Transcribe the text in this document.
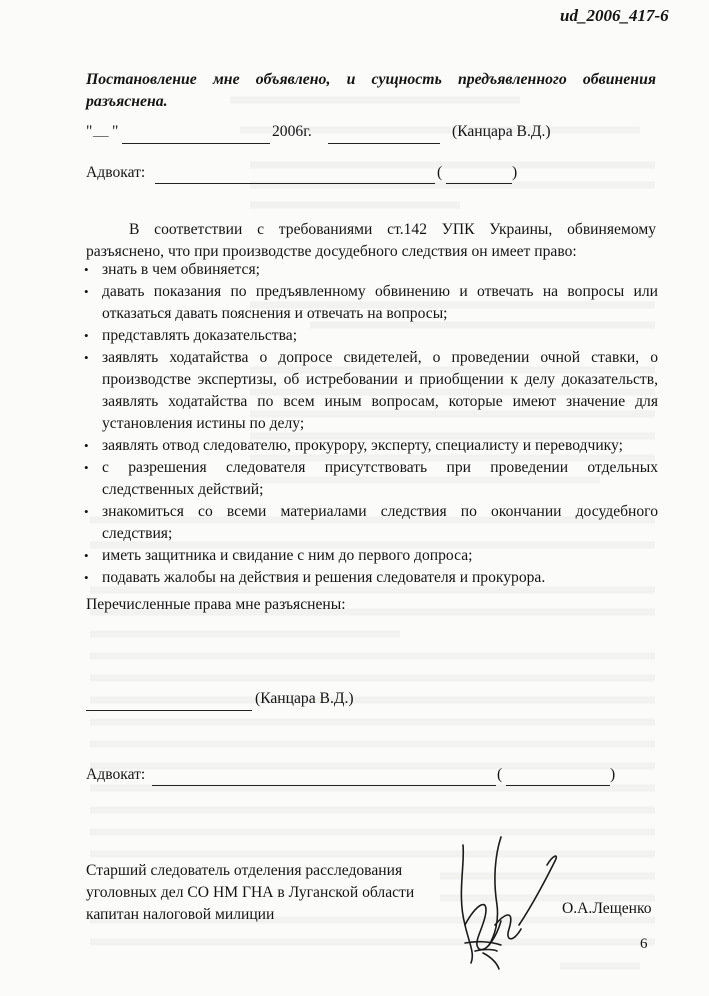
ud_2006_417-6
Постановление мне объявлено, и сущность предъявленного обвинения разъяснена.
" __ "	2006г.	(Канцара В.Д.)
Адвокат:	(	)
В соответствии с требованиями ст.142 УПК Украины, обвиняемому разъяснено, что при производстве досудебного следствия он имеет право:
• знать в чем обвиняется;
• давать показания по предъявленному обвинению и отвечать на вопросы или отказаться давать пояснения и отвечать на вопросы;
• представлять доказательства;
• заявлять ходатайства о допросе свидетелей, о проведении очной ставки, о производстве экспертизы, об истребовании и приобщении к делу доказательств, заявлять ходатайства по всем иным вопросам, которые имеют значение для установления истины по делу;
• заявлять отвод следователю, прокурору, эксперту, специалисту и переводчику;
• с разрешения следователя присутствовать при проведении отдельных следственных действий;
• знакомиться со всеми материалами следствия по окончании досудебного следствия;
• иметь защитника и свидание с ним до первого допроса;
• подавать жалобы на действия и решения следователя и прокурора.
Перечисленные права мне разъяснены:
(Канцара В.Д.)
Адвокат:	(	)
Старший следователь отделения расследования
уголовных дел СО НМ ГНА в Луганской области
капитан налоговой милиции	О.А.Лещенко
6
